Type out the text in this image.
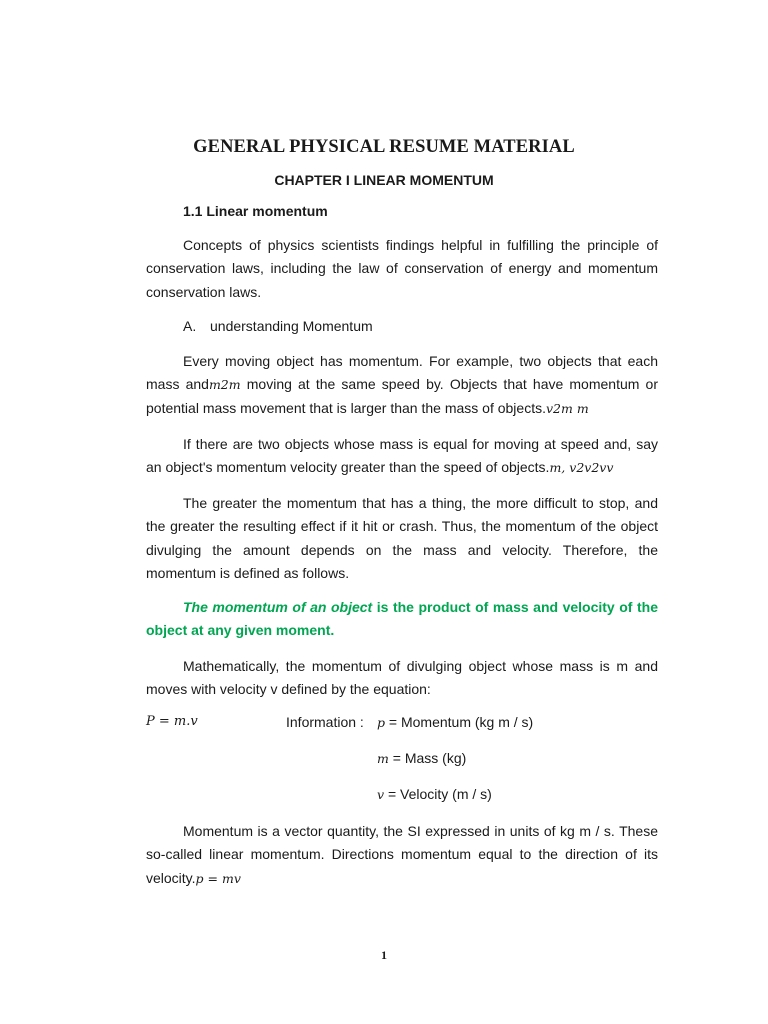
GENERAL PHYSICAL RESUME MATERIAL
CHAPTER I LINEAR MOMENTUM
1.1 Linear momentum

Concepts of physics scientists findings helpful in fulfilling the principle of conservation laws, including the law of conservation of energy and momentum conservation laws.

A. understanding Momentum

Every moving object has momentum. For example, two objects that each mass andm2m moving at the same speed by. Objects that have momentum or potential mass movement that is larger than the mass of objects.v2m m

If there are two objects whose mass is equal for moving at speed and, say an object's momentum velocity greater than the speed of objects.m, v2v2vv

The greater the momentum that has a thing, the more difficult to stop, and the greater the resulting effect if it hit or crash. Thus, the momentum of the object divulging the amount depends on the mass and velocity. Therefore, the momentum is defined as follows.

The momentum of an object is the product of mass and velocity of the object at any given moment.

Mathematically, the momentum of divulging object whose mass is m and moves with velocity v defined by the equation:

P = m.v	Information : p = Momentum (kg m / s)
m = Mass (kg)
v = Velocity (m / s)

Momentum is a vector quantity, the SI expressed in units of kg m / s. These so-called linear momentum. Directions momentum equal to the direction of its velocity.p = mv

1
